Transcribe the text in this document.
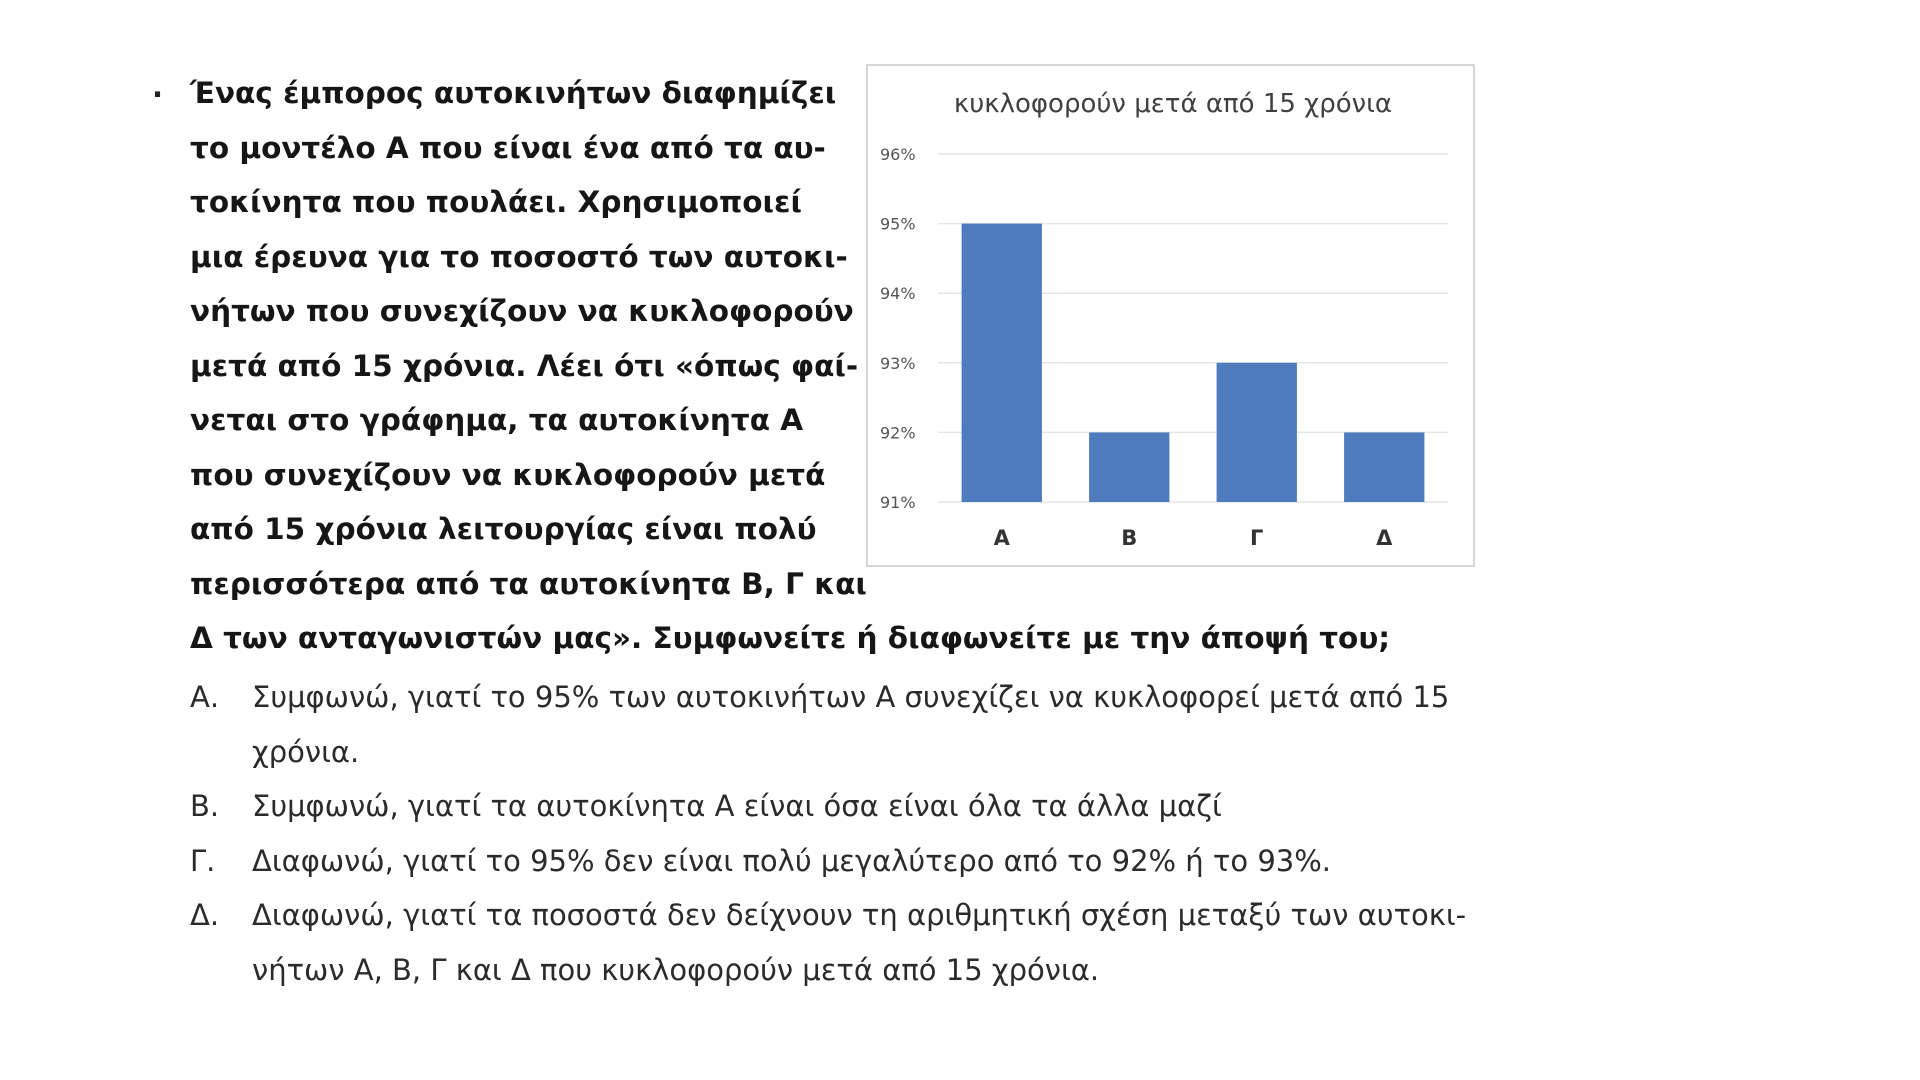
. Ένας έμπορος αυτοκινήτων διαφημίζει
το μοντέλο Α που είναι ένα από τα αυ-
τοκίνητα που πουλάει. Χρησιμοποιεί
μια έρευνα για το ποσοστό των αυτοκι-
νήτων που συνεχίζουν να κυκλοφορούν
μετά από 15 χρόνια. Λέει ότι «όπως φαί-
νεται στο γράφημα, τα αυτοκίνητα Α
που συνεχίζουν να κυκλοφορούν μετά
από 15 χρόνια λειτουργίας είναι πολύ
περισσότερα από τα αυτοκίνητα Β, Γ και
Δ των ανταγωνιστών μας». Συμφωνείτε ή διαφωνείτε με την άποψή του;
κυκλοφορούν μετά από 15 χρόνια
91%
92%
93%
94%
95%
96%
Α	Β	Γ	Δ
Α. Συμφωνώ, γιατί το 95% των αυτοκινήτων Α συνεχίζει να κυκλοφορεί μετά από 15
χρόνια.
Β. Συμφωνώ, γιατί τα αυτοκίνητα Α είναι όσα είναι όλα τα άλλα μαζί
Γ. Διαφωνώ, γιατί το 95% δεν είναι πολύ μεγαλύτερο από το 92% ή το 93%.
Δ. Διαφωνώ, γιατί τα ποσοστά δεν δείχνουν τη αριθμητική σχέση μεταξύ των αυτοκι-
νήτων Α, Β, Γ και Δ που κυκλοφορούν μετά από 15 χρόνια.
